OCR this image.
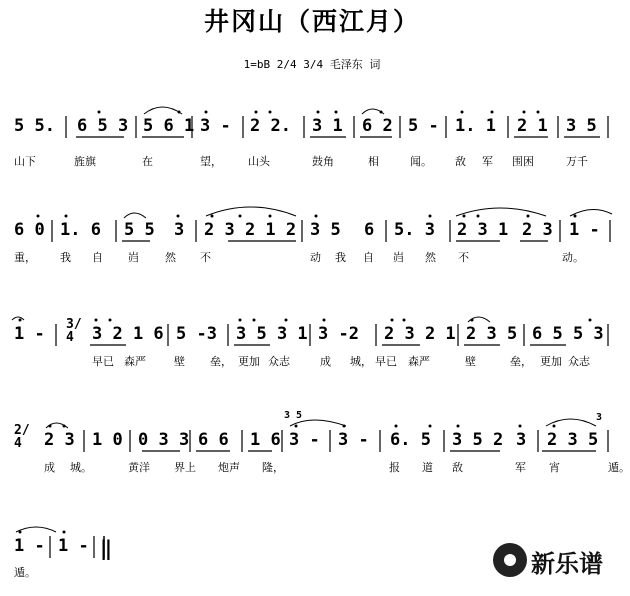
井冈山（西江月）
1=bB 2/4 3/4 毛泽东 词
5 5. 6 5 3 5 6 1 3 - 2 2. 3 1 6 2 5 - 1. 1 2 1 3 5
山下	旌旗	在	望， 山头	鼓角	相	闻。 敌 军 围困	万千
6 0 1. 6 5 5 3 2 3 2 1 2 3 5 6 5. 3 2 3 1 2 3 1 -
重， 我 自 岿 然 不	动 我 自 岿 然 不	动。
1 - 3/4	3 2 1 6 5 -3 3 5 3 1 3 -2 2 3 2 1 2 3 5 6 5 5 3
早已 森严	壁 垒， 更加 众志	成 城， 早已 森严	壁	垒， 更加 众志
2/4	2 3 1 0 0 3 3 6 6 1 6 3 - 3 - 6. 5 3 5 2 3 2 3 5
成 城。	黄洋 界上 炮声 隆，	报 道 敌	军 宵	遁。
1 - 1 - ‖
遁。
3 5	3
新乐谱
